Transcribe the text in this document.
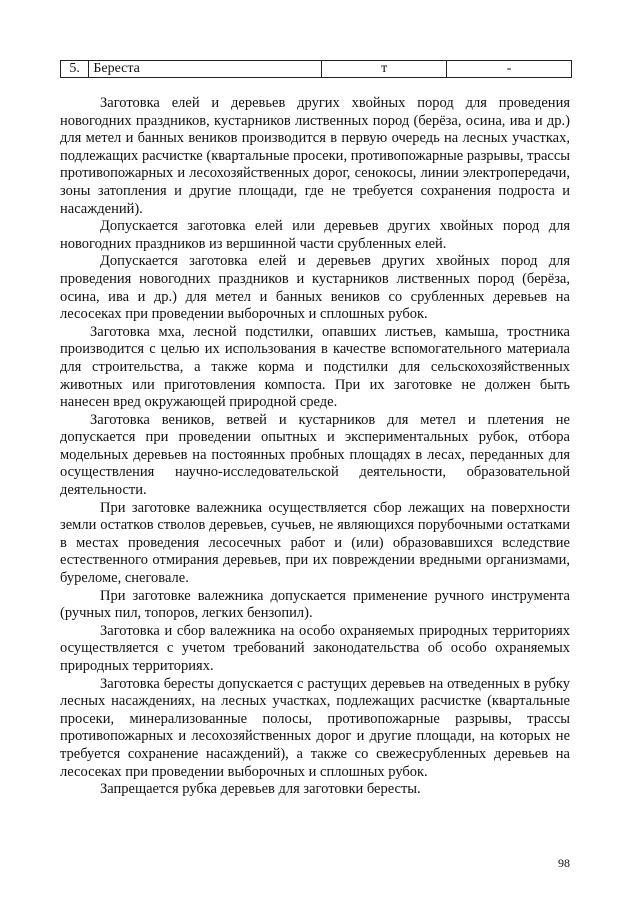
5.	Береста	т	-

Заготовка елей и деревьев других хвойных пород для проведения новогодних праздников, кустарников лиственных пород (берёза, осина, ива и др.) для метел и банных веников производится в первую очередь на лесных участках, подлежащих расчистке (квартальные просеки, противопожарные разрывы, трассы противопожарных и лесохозяйственных дорог, сенокосы, линии электропередачи, зоны затопления и другие площади, где не требуется сохранения подроста и насаждений).

Допускается заготовка елей или деревьев других хвойных пород для новогодних праздников из вершинной части срубленных елей.

Допускается заготовка елей и деревьев других хвойных пород для проведения новогодних праздников и кустарников лиственных пород (берёза, осина, ива и др.) для метел и банных веников со срубленных деревьев на лесосеках при проведении выборочных и сплошных рубок.

Заготовка мха, лесной подстилки, опавших листьев, камыша, тростника производится с целью их использования в качестве вспомогательного материала для строительства, а также корма и подстилки для сельскохозяйственных животных или приготовления компоста. При их заготовке не должен быть нанесен вред окружающей природной среде.

Заготовка веников, ветвей и кустарников для метел и плетения не допускается при проведении опытных и экспериментальных рубок, отбора модельных деревьев на постоянных пробных площадях в лесах, переданных для осуществления научно-исследовательской деятельности, образовательной деятельности.

При заготовке валежника осуществляется сбор лежащих на поверхности земли остатков стволов деревьев, сучьев, не являющихся порубочными остатками в местах проведения лесосечных работ и (или) образовавшихся вследствие естественного отмирания деревьев, при их повреждении вредными организмами, буреломе, снеговале.

При заготовке валежника допускается применение ручного инструмента (ручных пил, топоров, легких бензопил).

Заготовка и сбор валежника на особо охраняемых природных территориях осуществляется с учетом требований законодательства об особо охраняемых природных территориях.

Заготовка бересты допускается с растущих деревьев на отведенных в рубку лесных насаждениях, на лесных участках, подлежащих расчистке (квартальные просеки, минерализованные полосы, противопожарные разрывы, трассы противопожарных и лесохозяйственных дорог и другие площади, на которых не требуется сохранение насаждений), а также со свежесрубленных деревьев на лесосеках при проведении выборочных и сплошных рубок.

Запрещается рубка деревьев для заготовки бересты.

98
